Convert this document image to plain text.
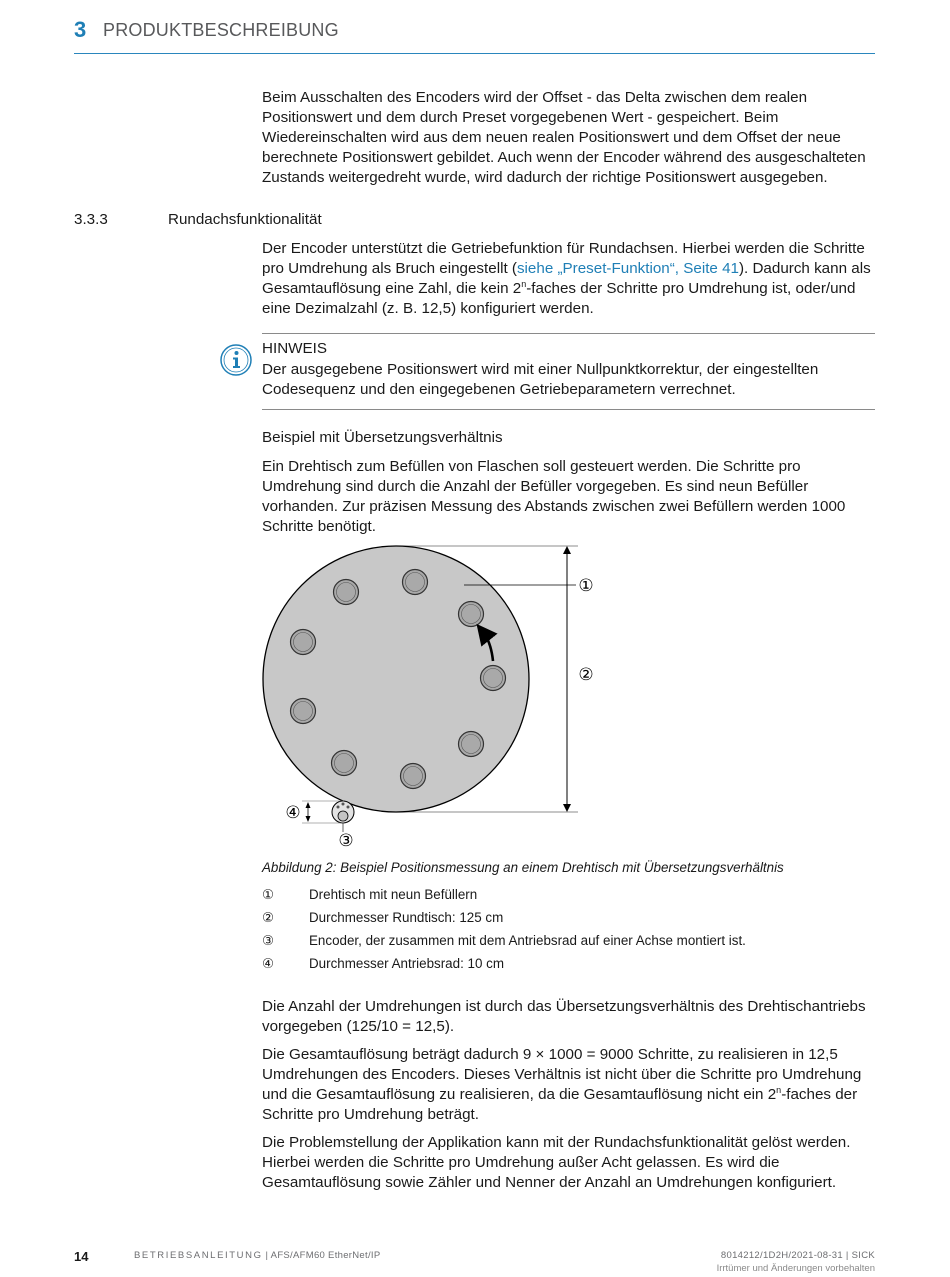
3 PRODUKTBESCHREIBUNG

Beim Ausschalten des Encoders wird der Offset - das Delta zwischen dem realen Positionswert und dem durch Preset vorgegebenen Wert - gespeichert. Beim Wiedereinschalten wird aus dem neuen realen Positionswert und dem Offset der neue berechnete Positionswert gebildet. Auch wenn der Encoder während des ausgeschalteten Zustands weitergedreht wurde, wird dadurch der richtige Positionswert ausgegeben.

3.3.3	Rundachsfunktionalität

Der Encoder unterstützt die Getriebefunktion für Rundachsen. Hierbei werden die Schritte pro Umdrehung als Bruch eingestellt (siehe „Preset-Funktion“, Seite 41). Dadurch kann als Gesamtauflösung eine Zahl, die kein 2$^n$-faches der Schritte pro Umdrehung ist, oder/und eine Dezimalzahl (z. B. 12,5) konfiguriert werden.

HINWEIS

Der ausgegebene Positionswert wird mit einer Nullpunktkorrektur, der eingestellten Codesequenz und den eingegebenen Getriebeparametern verrechnet.

Beispiel mit Übersetzungsverhältnis

Ein Drehtisch zum Befüllen von Flaschen soll gesteuert werden. Die Schritte pro Umdrehung sind durch die Anzahl der Befüller vorgegeben. Es sind neun Befüller vorhanden. Zur präzisen Messung des Abstands zwischen zwei Befüllern werden 1000 Schritte benötigt.

①
②
③
④
Abbildung 2: Beispiel Positionsmessung an einem Drehtisch mit Übersetzungsverhältnis
①	Drehtisch mit neun Befüllern
②	Durchmesser Rundtisch: 125 cm
③	Encoder, der zusammen mit dem Antriebsrad auf einer Achse montiert ist.
④	Durchmesser Antriebsrad: 10 cm

Die Anzahl der Umdrehungen ist durch das Übersetzungsverhältnis des Drehtischantriebs vorgegeben (125/10 = 12,5).

Die Gesamtauflösung beträgt dadurch 9 × 1000 = 9000 Schritte, zu realisieren in 12,5 Umdrehungen des Encoders. Dieses Verhältnis ist nicht über die Schritte pro Umdrehung und die Gesamtauflösung zu realisieren, da die Gesamtauflösung nicht ein 2$^n$-faches der Schritte pro Umdrehung beträgt.

Die Problemstellung der Applikation kann mit der Rundachsfunktionalität gelöst werden. Hierbei werden die Schritte pro Umdrehung außer Acht gelassen. Es wird die Gesamtauflösung sowie Zähler und Nenner der Anzahl an Umdrehungen konfiguriert.

14	BETRIEBSANLEITUNG | AFS/AFM60 EtherNet/IP	8014212/1D2H/2021-08-31 | SICK
Irrtümer und Änderungen vorbehalten
